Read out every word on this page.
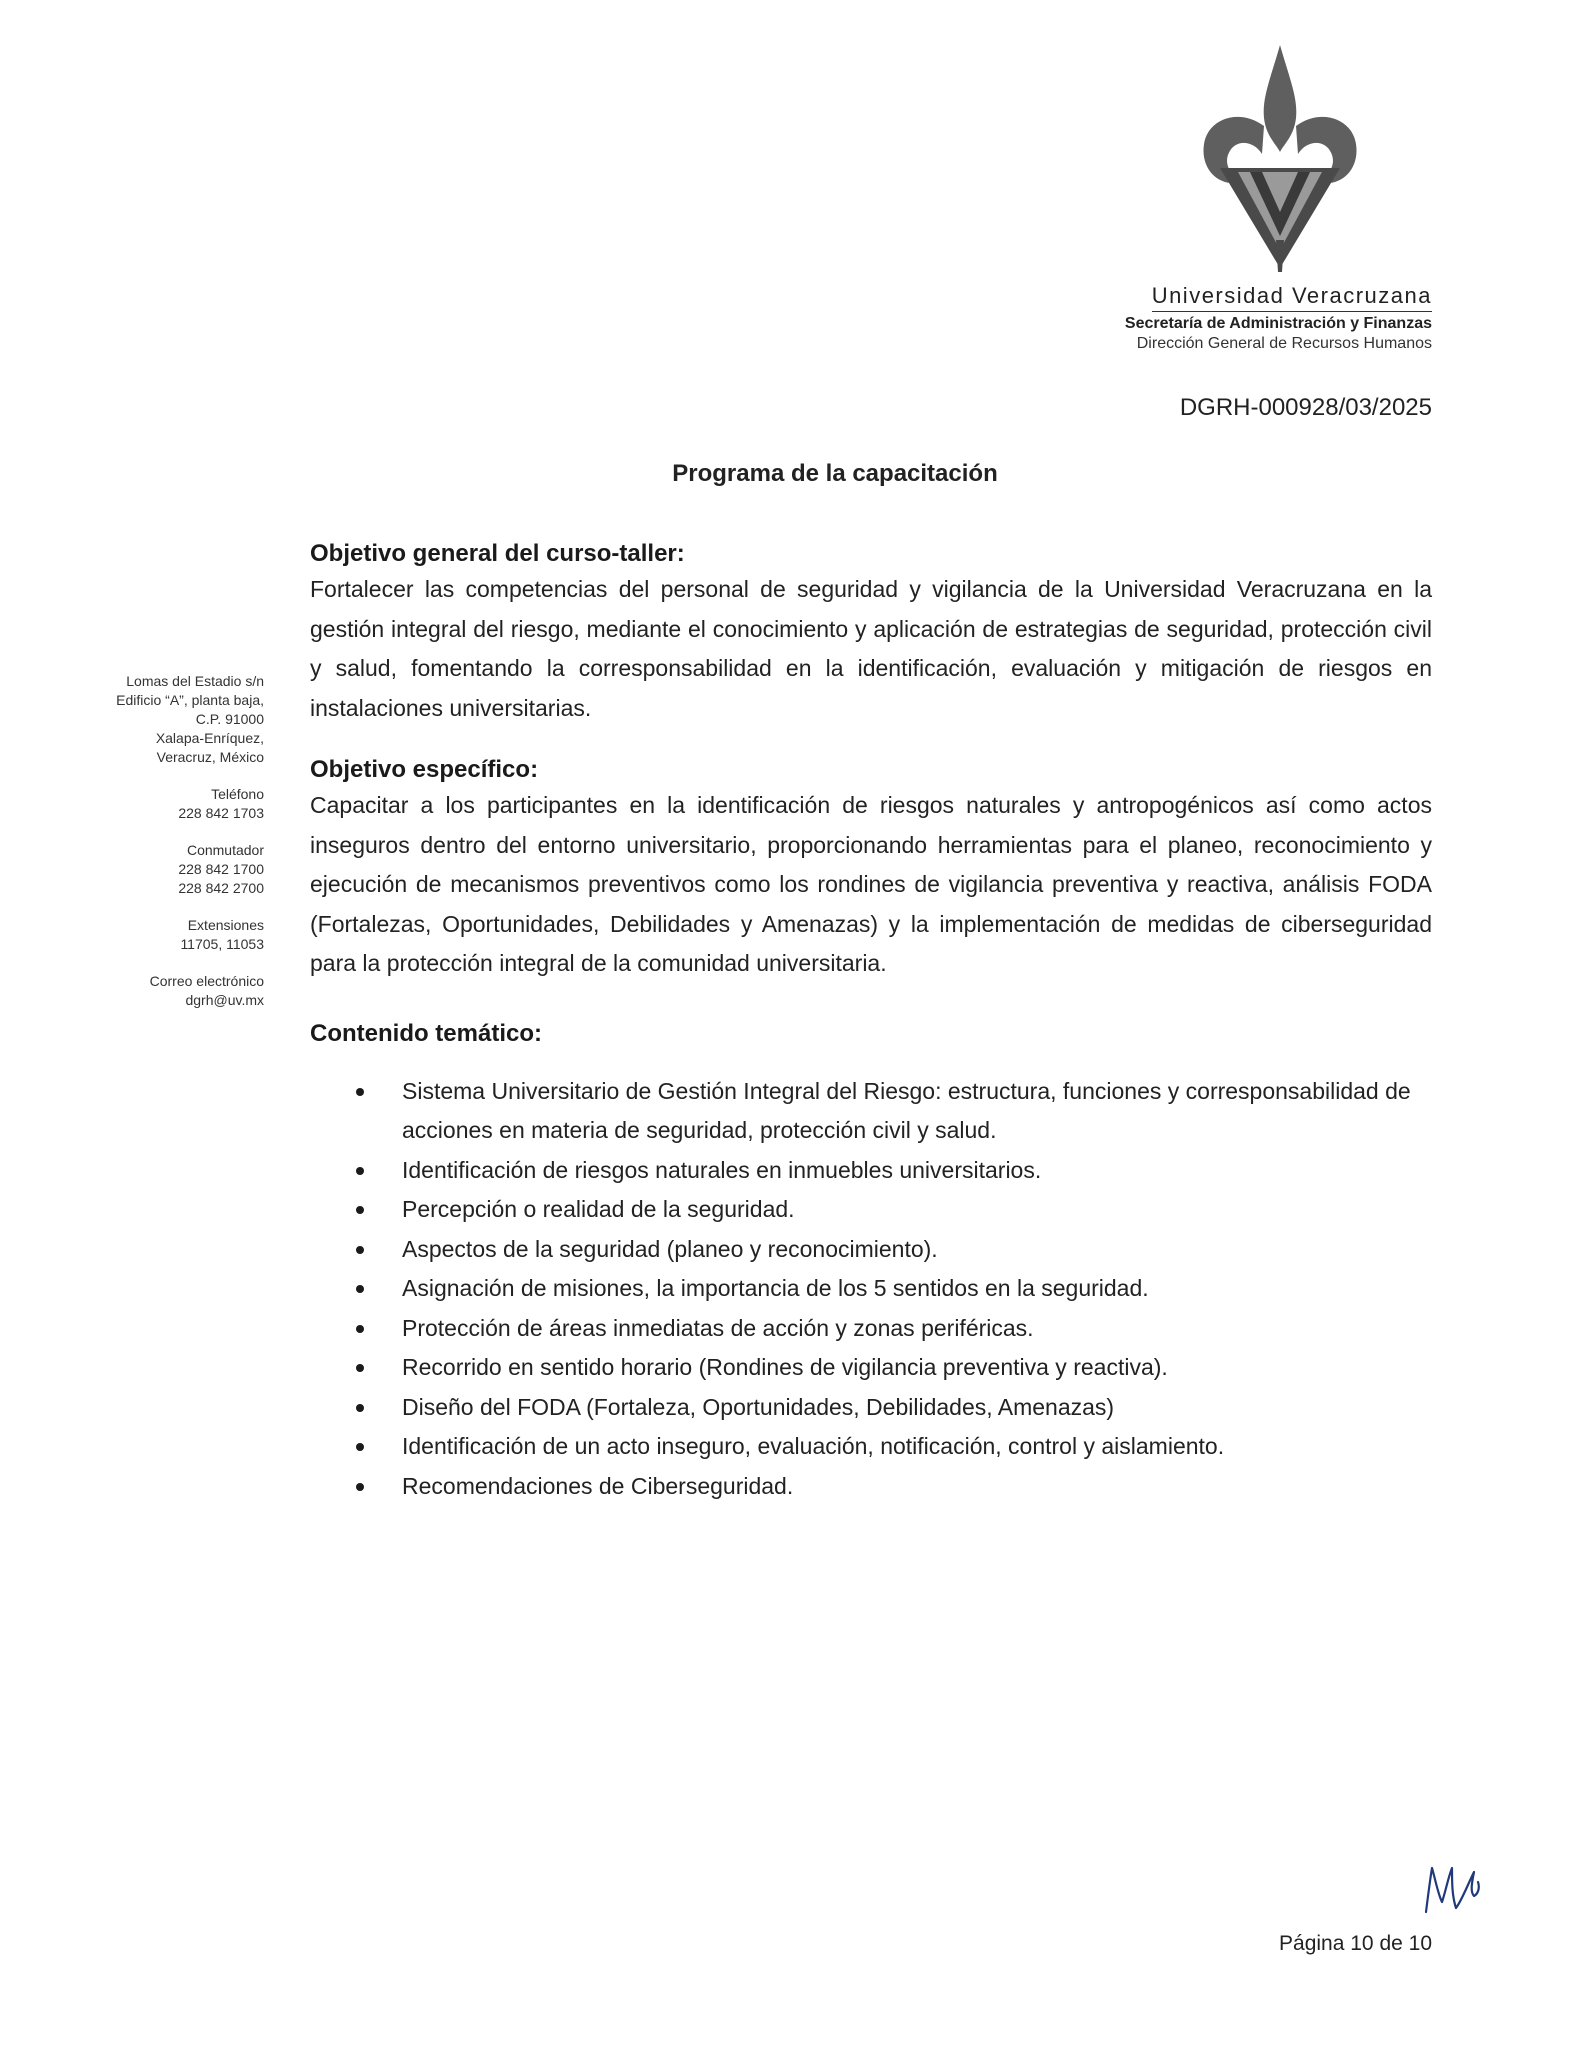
Universidad Veracruzana
Secretaría de Administración y Finanzas
Dirección General de Recursos Humanos
DGRH-000928/03/2025
Programa de la capacitación
Lomas del Estadio s/n
Edificio “A”, planta baja,
C.P. 91000
Xalapa-Enríquez,
Veracruz, México
Teléfono
228 842 1703
Conmutador
228 842 1700
228 842 2700
Extensiones
11705, 11053
Correo electrónico
dgrh@uv.mx
Objetivo general del curso-taller:

Fortalecer las competencias del personal de seguridad y vigilancia de la Universidad Veracruzana en la gestión integral del riesgo, mediante el conocimiento y aplicación de estrategias de seguridad, protección civil y salud, fomentando la corresponsabilidad en la identificación, evaluación y mitigación de riesgos en instalaciones universitarias.

Objetivo específico:

Capacitar a los participantes en la identificación de riesgos naturales y antropogénicos así como actos inseguros dentro del entorno universitario, proporcionando herramientas para el planeo, reconocimiento y ejecución de mecanismos preventivos como los rondines de vigilancia preventiva y reactiva, análisis FODA (Fortalezas, Oportunidades, Debilidades y Amenazas) y la implementación de medidas de ciberseguridad para la protección integral de la comunidad universitaria.

Contenido temático:
Sistema Universitario de Gestión Integral del Riesgo: estructura, funciones y corresponsabilidad de acciones en materia de seguridad, protección civil y salud.
Identificación de riesgos naturales en inmuebles universitarios.
Percepción o realidad de la seguridad.
Aspectos de la seguridad (planeo y reconocimiento).
Asignación de misiones, la importancia de los 5 sentidos en la seguridad.
Protección de áreas inmediatas de acción y zonas periféricas.
Recorrido en sentido horario (Rondines de vigilancia preventiva y reactiva).
Diseño del FODA (Fortaleza, Oportunidades, Debilidades, Amenazas)
Identificación de un acto inseguro, evaluación, notificación, control y aislamiento.
Recomendaciones de Ciberseguridad.
Página 10 de 10
